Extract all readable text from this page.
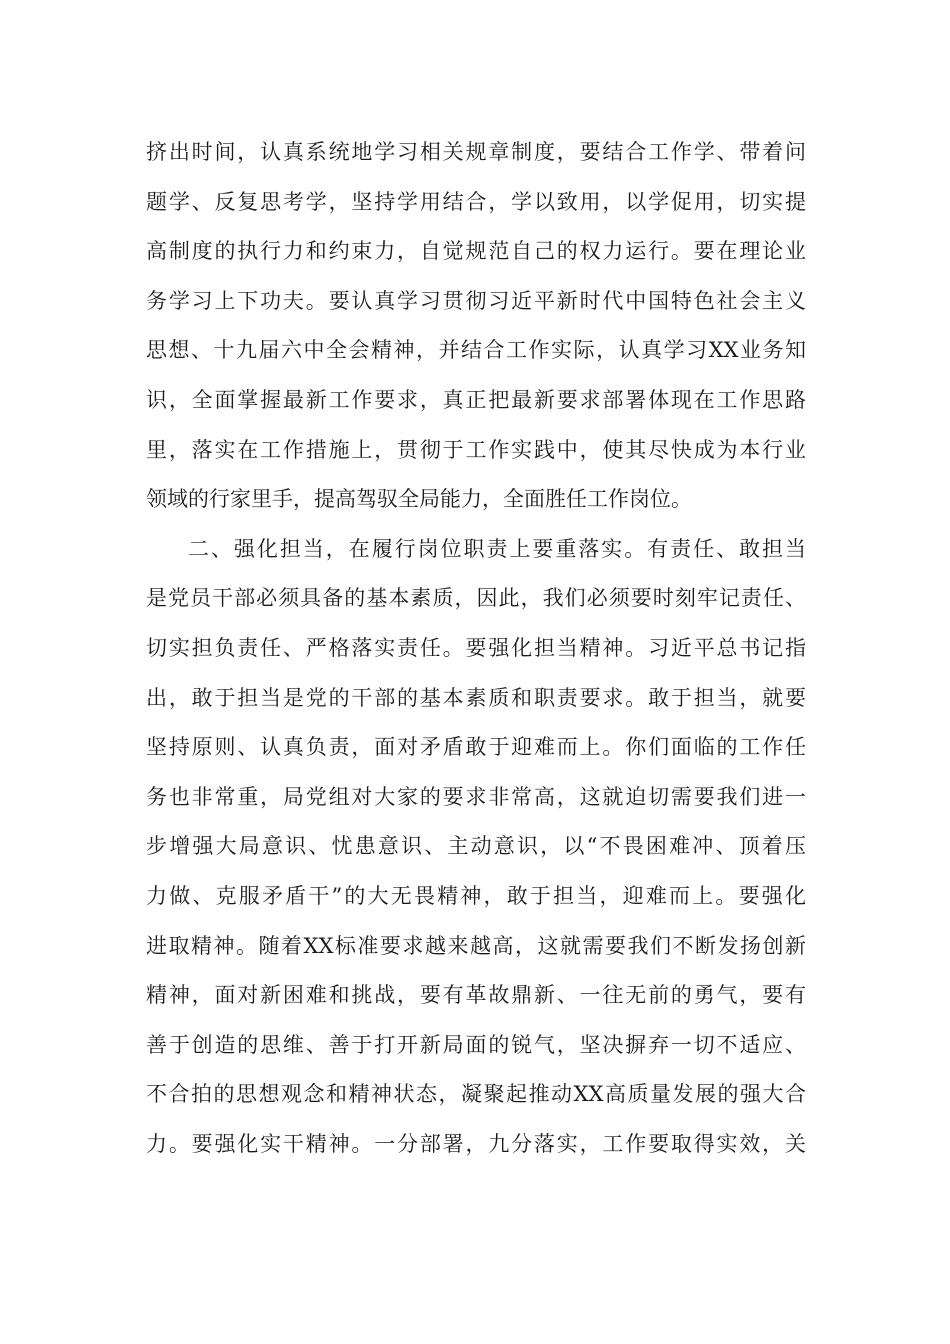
挤出时间，认真系统地学习相关规章制度，要结合工作学、带着问
题学、反复思考学，坚持学用结合，学以致用，以学促用，切实提
高制度的执行力和约束力，自觉规范自己的权力运行。要在理论业
务学习上下功夫。要认真学习贯彻习近平新时代中国特色社会主义
思想、十九届六中全会精神，并结合工作实际，认真学习XX业务知
识，全面掌握最新工作要求，真正把最新要求部署体现在工作思路
里，落实在工作措施上，贯彻于工作实践中，使其尽快成为本行业
领域的行家里手，提高驾驭全局能力，全面胜任工作岗位。
二、强化担当，在履行岗位职责上要重落实。有责任、敢担当
是党员干部必须具备的基本素质，因此，我们必须要时刻牢记责任、
切实担负责任、严格落实责任。要强化担当精神。习近平总书记指
出，敢于担当是党的干部的基本素质和职责要求。敢于担当，就要
坚持原则、认真负责，面对矛盾敢于迎难而上。你们面临的工作任
务也非常重，局党组对大家的要求非常高，这就迫切需要我们进一
步增强大局意识、忧患意识、主动意识，以“不畏困难冲、顶着压
力做、克服矛盾干”的大无畏精神，敢于担当，迎难而上。要强化
进取精神。随着XX标准要求越来越高，这就需要我们不断发扬创新
精神，面对新困难和挑战，要有革故鼎新、一往无前的勇气，要有
善于创造的思维、善于打开新局面的锐气，坚决摒弃一切不适应、
不合拍的思想观念和精神状态，凝聚起推动XX高质量发展的强大合
力。要强化实干精神。一分部署，九分落实，工作要取得实效，关
